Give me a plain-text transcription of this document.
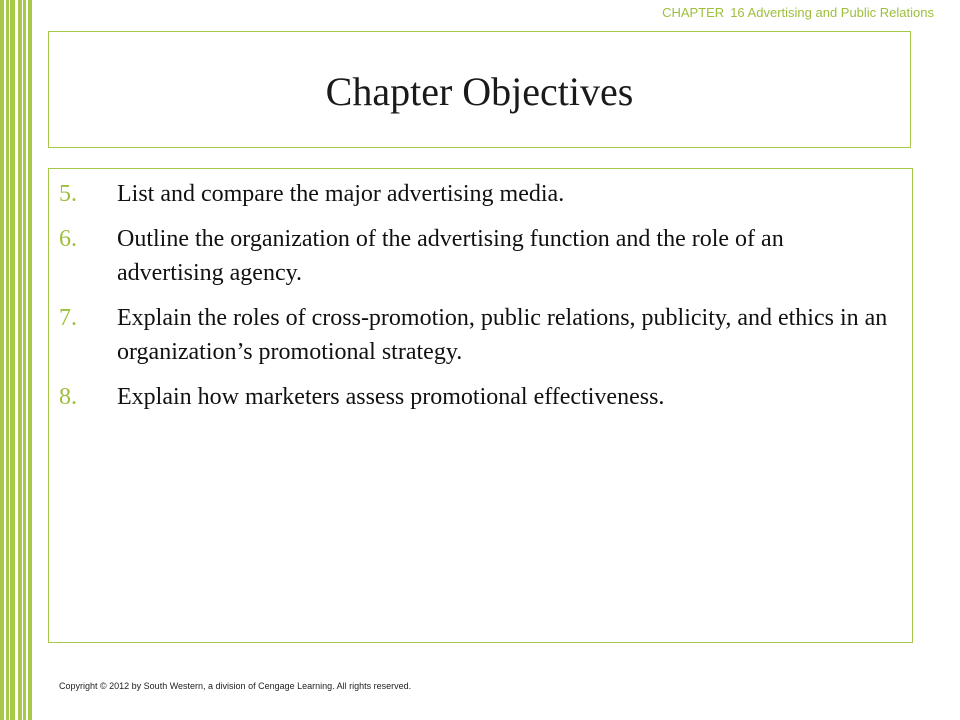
CHAPTER 16 Advertising and Public Relations
Chapter Objectives
5. List and compare the major advertising media.
6. Outline the organization of the advertising function and the role of an advertising agency.
7. Explain the roles of cross-promotion, public relations, publicity, and ethics in an organization’s promotional strategy.
8. Explain how marketers assess promotional effectiveness.
Copyright © 2012 by South Western, a division of Cengage Learning. All rights reserved.
